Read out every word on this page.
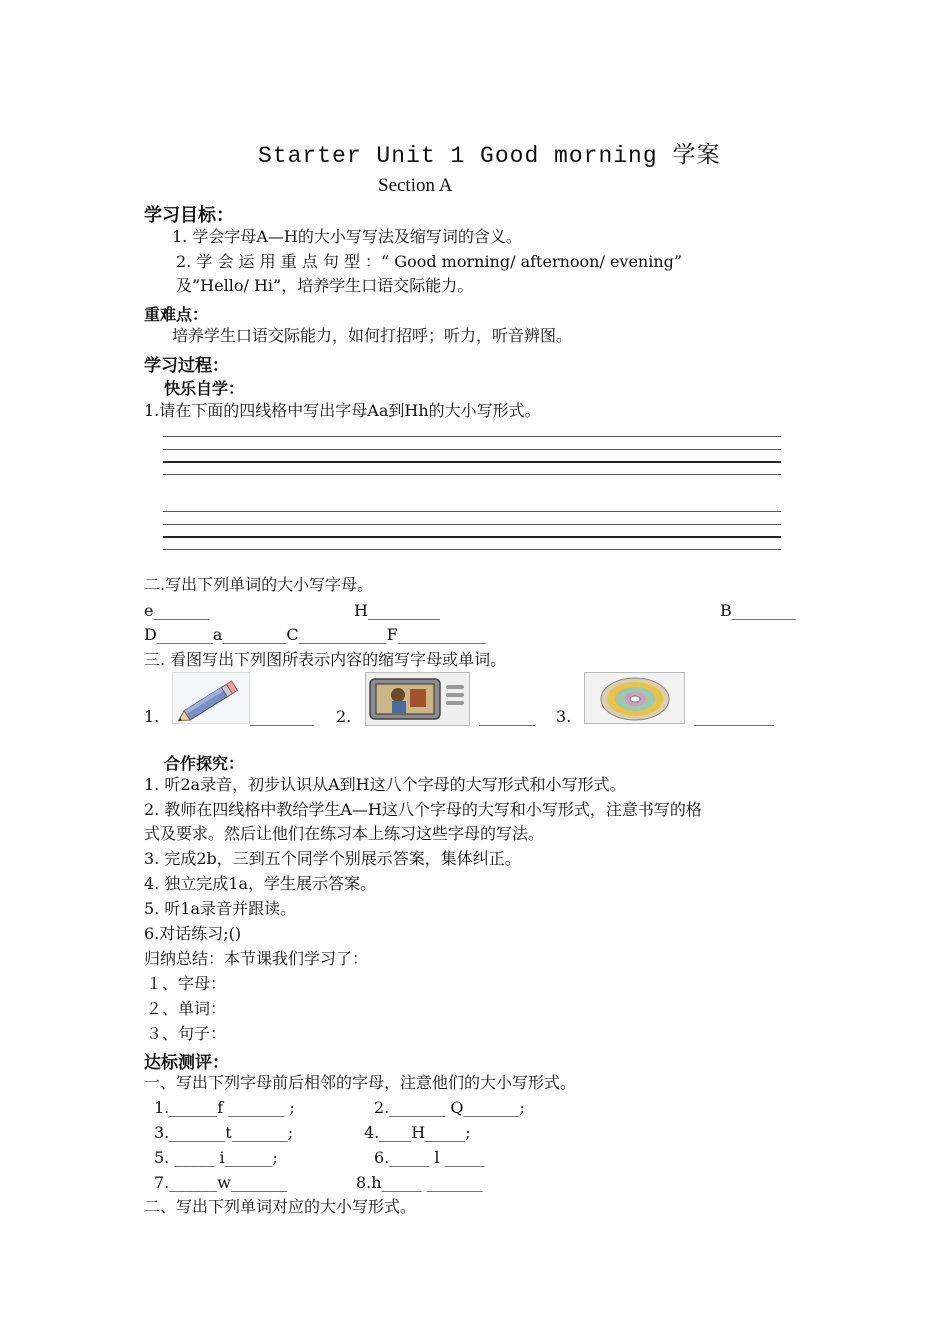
Starter Unit 1 Good morning 学案
Section A
学习目标：
1. 学会字母A—H的大小写写法及缩写词的含义。
2. 学 会 运 用 重 点 句 型 ：“ Good morning/ afternoon/ evening”
及”Hello/ Hi”，培养学生口语交际能力。
重难点：
培养学生口语交际能力，如何打招呼；听力，听音辨图。
学习过程：
快乐自学：
1.请在下面的四线格中写出字母Aa到Hh的大小写形式。
二.写出下列单词的大小写字母。
e_______	H_________	B________
D_______a________C___________F___________
三. 看图写出下列图所表示内容的缩写字母或单词。
1.	________ 2.	_______ 3.	__________
合作探究：
1. 听2a录音，初步认识从A到H这八个字母的大写形式和小写形式。
2. 教师在四线格中教给学生A—H这八个字母的大写和小写形式，注意书写的格
式及要求。然后让他们在练习本上练习这些字母的写法。
3. 完成2b，三到五个同学个别展示答案，集体纠正。
4. 独立完成1a，学生展示答案。
5. 听1a录音并跟读。
6.对话练习;()
归纳总结：本节课我们学习了：
１、字母：
２、单词：
３、句子：
达标测评：
一、写出下列字母前后相邻的字母，注意他们的大小写形式。
1.______f _______ ;	2._______ Q_______;
3._______t_______;	4.____H_____;
5. _____ i______;	6._____ l _____
7.______w_______	8.h_____ _______
二、写出下列单词对应的大小写形式。
